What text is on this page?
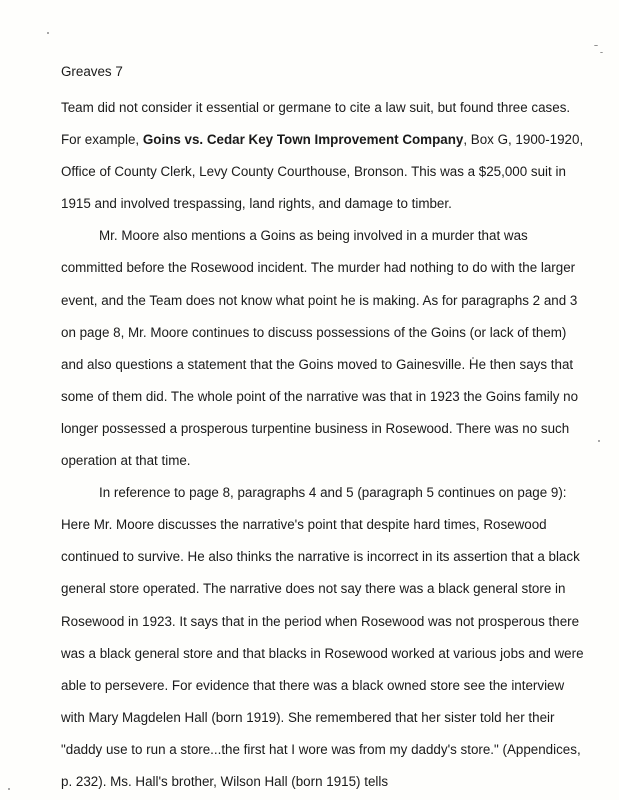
Greaves 7

Team did not consider it essential or germane to cite a law suit, but found three cases. For example, Goins vs. Cedar Key Town Improvement Company, Box G, 1900-1920, Office of County Clerk, Levy County Courthouse, Bronson. This was a $25,000 suit in 1915 and involved trespassing, land rights, and damage to timber.

Mr. Moore also mentions a Goins as being involved in a murder that was committed before the Rosewood incident. The murder had nothing to do with the larger event, and the Team does not know what point he is making. As for paragraphs 2 and 3 on page 8, Mr. Moore continues to discuss possessions of the Goins (or lack of them) and also questions a statement that the Goins moved to Gainesville. He then says that some of them did. The whole point of the narrative was that in 1923 the Goins family no longer possessed a prosperous turpentine business in Rosewood. There was no such operation at that time.

In reference to page 8, paragraphs 4 and 5 (paragraph 5 continues on page 9): Here Mr. Moore discusses the narrative's point that despite hard times, Rosewood continued to survive. He also thinks the narrative is incorrect in its assertion that a black general store operated. The narrative does not say there was a black general store in Rosewood in 1923. It says that in the period when Rosewood was not prosperous there was a black general store and that blacks in Rosewood worked at various jobs and were able to persevere. For evidence that there was a black owned store see the interview with Mary Magdelen Hall (born 1919). She remembered that her sister told her their "daddy use to run a store...the first hat I wore was from my daddy's store." (Appendices, p. 232). Ms. Hall's brother, Wilson Hall (born 1915) tells
